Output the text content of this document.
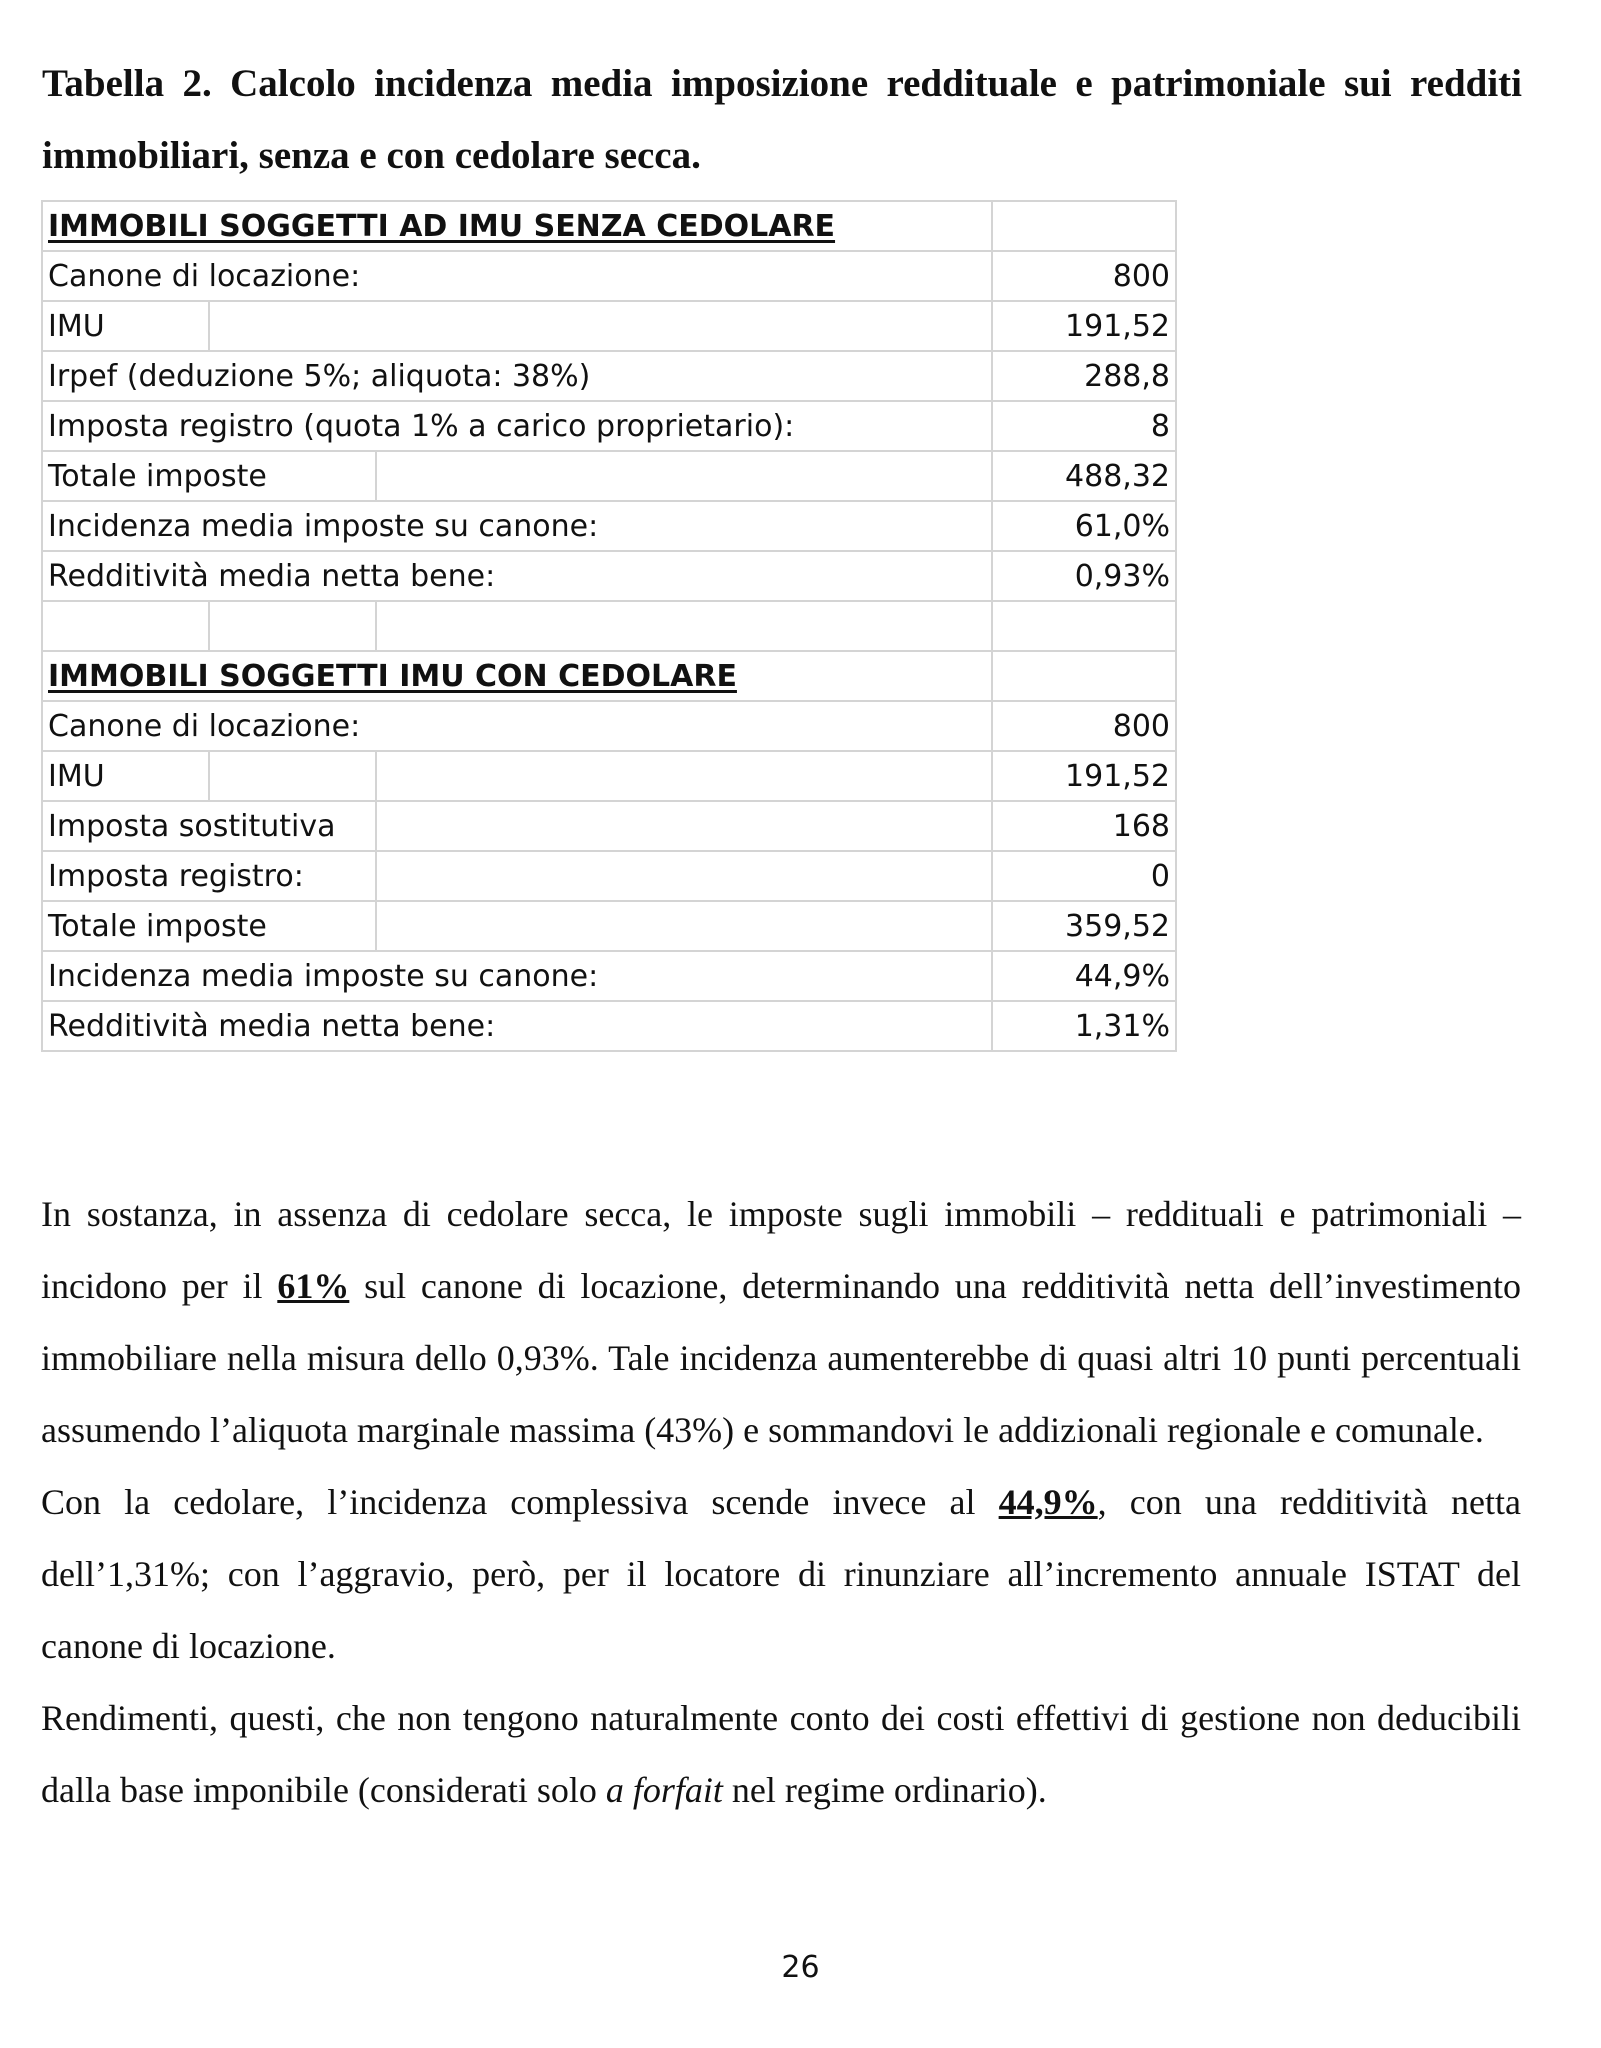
Tabella 2. Calcolo incidenza media imposizione reddituale e patrimoniale sui redditi immobiliari, senza e con cedolare secca.

IMMOBILI SOGGETTI AD IMU SENZA CEDOLARE			
Canone di locazione:			800
IMU			191,52
Irpef (deduzione 5%; aliquota: 38%)			288,8
Imposta registro (quota 1% a carico proprietario):			8
Totale imposte			488,32
Incidenza media imposte su canone:			61,0%
Redditività media netta bene:			0,93%

IMMOBILI SOGGETTI IMU CON CEDOLARE			
Canone di locazione:			800
IMU			191,52
Imposta sostitutiva			168
Imposta registro:			0
Totale imposte			359,52
Incidenza media imposte su canone:			44,9%
Redditività media netta bene:			1,31%

In sostanza, in assenza di cedolare secca, le imposte sugli immobili – reddituali e patrimoniali – incidono per il 61% sul canone di locazione, determinando una redditività netta dell’investimento immobiliare nella misura dello 0,93%. Tale incidenza aumenterebbe di quasi altri 10 punti percentuali assumendo l’aliquota marginale massima (43%) e sommandovi le addizionali regionale e comunale.

Con la cedolare, l’incidenza complessiva scende invece al 44,9%, con una redditività netta dell’1,31%; con l’aggravio, però, per il locatore di rinunziare all’incremento annuale ISTAT del canone di locazione.

Rendimenti, questi, che non tengono naturalmente conto dei costi effettivi di gestione non deducibili dalla base imponibile (considerati solo a forfait nel regime ordinario).

26
